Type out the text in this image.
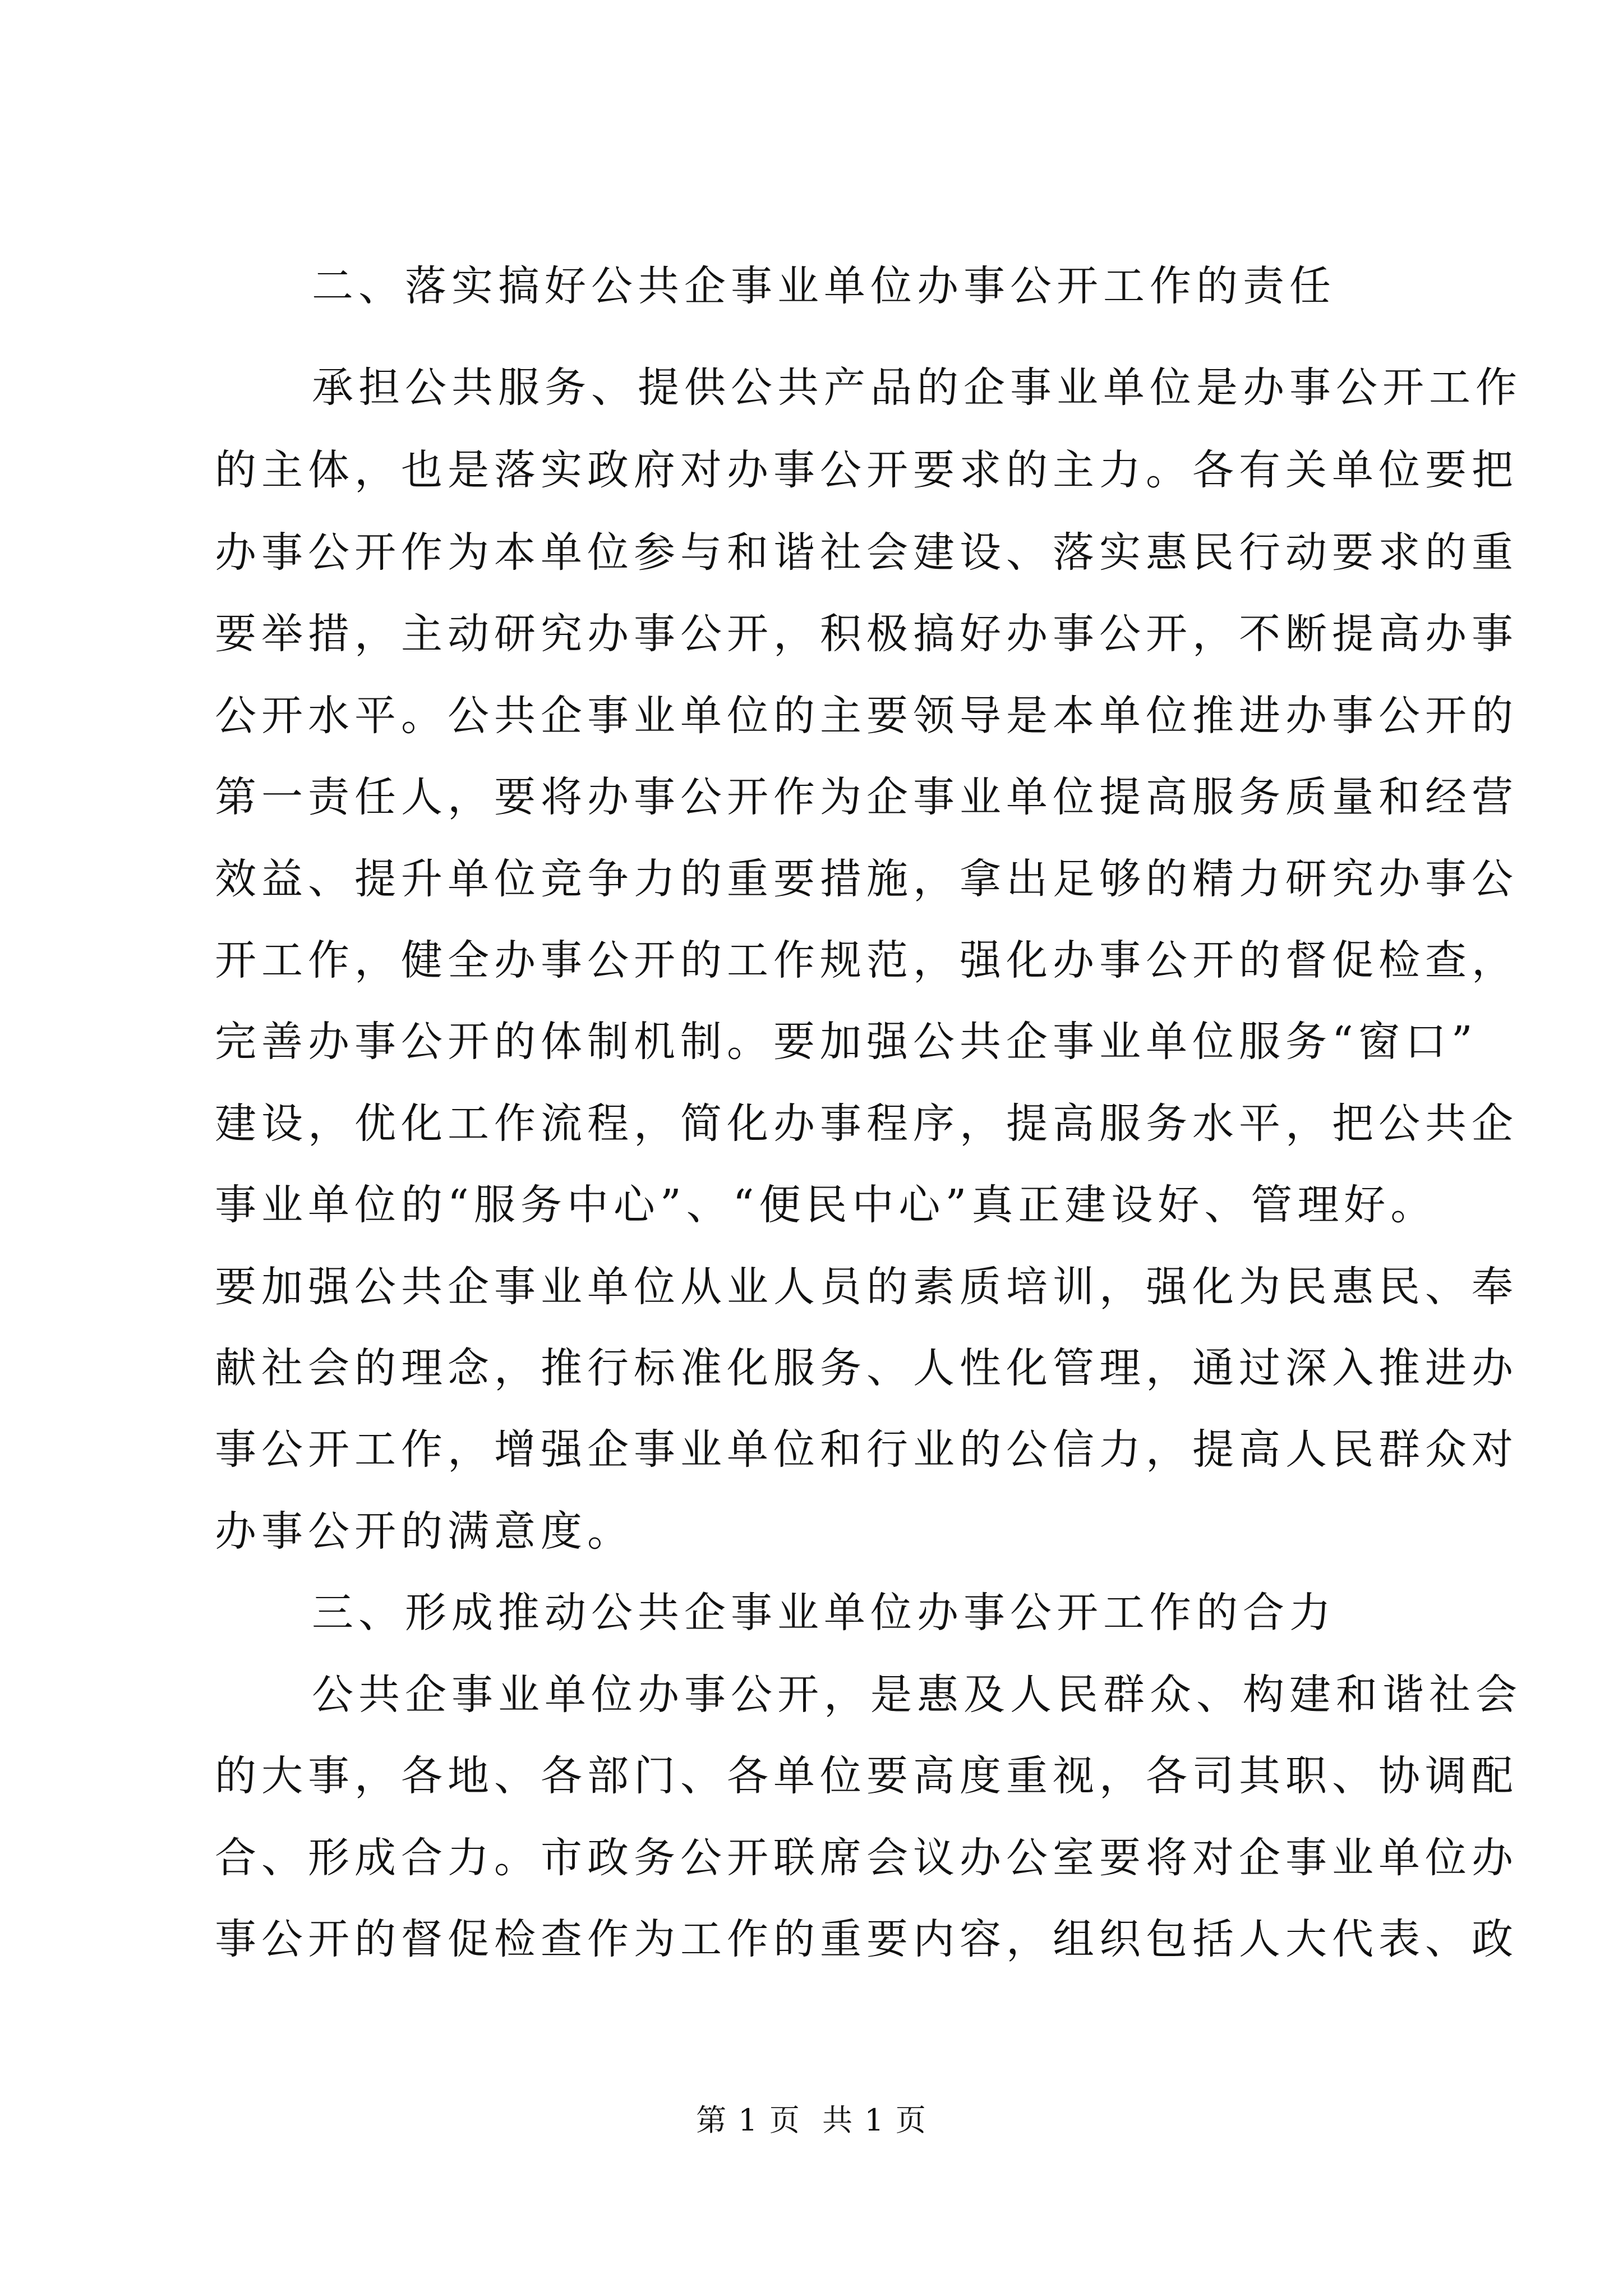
二、落实搞好公共企事业单位办事公开工作的责任
承担公共服务、提供公共产品的企事业单位是办事公开工作
的主体，也是落实政府对办事公开要求的主力。各有关单位要把
办事公开作为本单位参与和谐社会建设、落实惠民行动要求的重
要举措，主动研究办事公开，积极搞好办事公开，不断提高办事
公开水平。公共企事业单位的主要领导是本单位推进办事公开的
第一责任人，要将办事公开作为企事业单位提高服务质量和经营
效益、提升单位竞争力的重要措施，拿出足够的精力研究办事公
开工作，健全办事公开的工作规范，强化办事公开的督促检查，
完善办事公开的体制机制。要加强公共企事业单位服务“窗口”
建设，优化工作流程，简化办事程序，提高服务水平，把公共企
事业单位的“服务中心”、“便民中心”真正建设好、管理好。
要加强公共企事业单位从业人员的素质培训，强化为民惠民、奉
献社会的理念，推行标准化服务、人性化管理，通过深入推进办
事公开工作，增强企事业单位和行业的公信力，提高人民群众对
办事公开的满意度。
三、形成推动公共企事业单位办事公开工作的合力
公共企事业单位办事公开，是惠及人民群众、构建和谐社会
的大事，各地、各部门、各单位要高度重视，各司其职、协调配
合、形成合力。市政务公开联席会议办公室要将对企事业单位办
事公开的督促检查作为工作的重要内容，组织包括人大代表、政
第 1 页  共 1 页
